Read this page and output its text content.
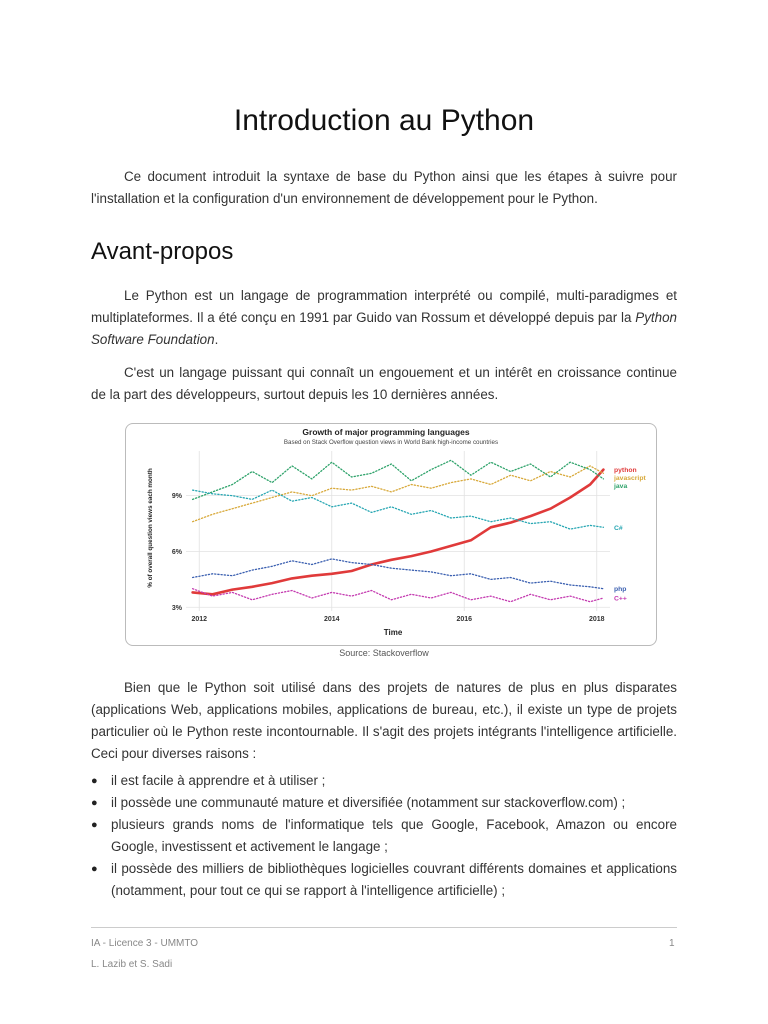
Introduction au Python

Ce document introduit la syntaxe de base du Python ainsi que les étapes à suivre pour l'installation et la configuration d'un environnement de développement pour le Python.

Avant-propos

Le Python est un langage de programmation interprété ou compilé, multi-paradigmes et multiplateformes. Il a été conçu en 1991 par Guido van Rossum et développé depuis par la Python Software Foundation.

C'est un langage puissant qui connaît un engouement et un intérêt en croissance continue de la part des développeurs, surtout depuis les 10 dernières années.

Growth of major programming languages
Based on Stack Overflow question views in World Bank high-income countries
Time
% of overall question views each month
3%
6%
9%
2012	2014	2016	2018
python
javascript
java
C#
php
C++
Source: Stackoverflow

Bien que le Python soit utilisé dans des projets de natures de plus en plus disparates (applications Web, applications mobiles, applications de bureau, etc.), il existe un type de projets particulier où le Python reste incontournable. Il s'agit des projets intégrants l'intelligence artificielle. Ceci pour diverses raisons :

● il est facile à apprendre et à utiliser ;
● il possède une communauté mature et diversifiée (notamment sur stackoverflow.com) ;
● plusieurs grands noms de l'informatique tels que Google, Facebook, Amazon ou encore Google, investissent et activement le langage ;
● il possède des milliers de bibliothèques logicielles couvrant différents domaines et applications (notamment, pour tout ce qui se rapport à l'intelligence artificielle) ;
IA - Licence 3 - UMMTO
L. Lazib et S. Sadi
1
